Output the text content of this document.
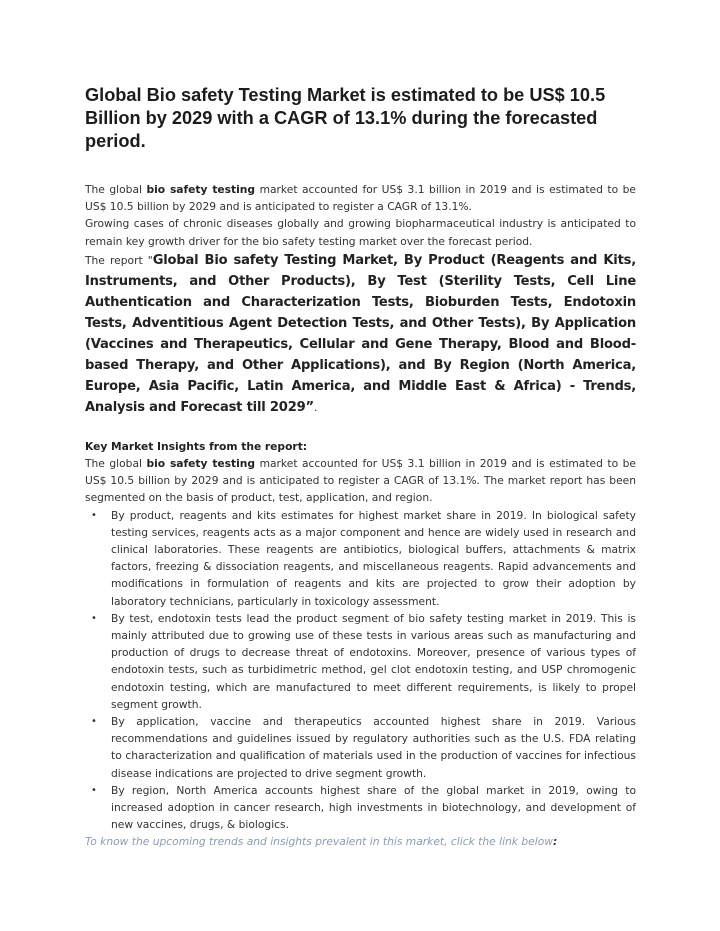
Global Bio safety Testing Market is estimated to be US$ 10.5 Billion by 2029 with a CAGR of 13.1% during the forecasted period.

The global bio safety testing market accounted for US$ 3.1 billion in 2019 and is estimated to be US$ 10.5 billion by 2029 and is anticipated to register a CAGR of 13.1%.

Growing cases of chronic diseases globally and growing biopharmaceutical industry is anticipated to remain key growth driver for the bio safety testing market over the forecast period.

The report "Global Bio safety Testing Market, By Product (Reagents and Kits, Instruments, and Other Products), By Test (Sterility Tests, Cell Line Authentication and Characterization Tests, Bioburden Tests, Endotoxin Tests, Adventitious Agent Detection Tests, and Other Tests), By Application (Vaccines and Therapeutics, Cellular and Gene Therapy, Blood and Blood-based Therapy, and Other Applications), and By Region (North America, Europe, Asia Pacific, Latin America, and Middle East & Africa) - Trends, Analysis and Forecast till 2029”.

Key Market Insights from the report:

The global bio safety testing market accounted for US$ 3.1 billion in 2019 and is estimated to be US$ 10.5 billion by 2029 and is anticipated to register a CAGR of 13.1%. The market report has been segmented on the basis of product, test, application, and region.

• By product, reagents and kits estimates for highest market share in 2019. In biological safety testing services, reagents acts as a major component and hence are widely used in research and clinical laboratories. These reagents are antibiotics, biological buffers, attachments & matrix factors, freezing & dissociation reagents, and miscellaneous reagents. Rapid advancements and modifications in formulation of reagents and kits are projected to grow their adoption by laboratory technicians, particularly in toxicology assessment.
• By test, endotoxin tests lead the product segment of bio safety testing market in 2019. This is mainly attributed due to growing use of these tests in various areas such as manufacturing and production of drugs to decrease threat of endotoxins. Moreover, presence of various types of endotoxin tests, such as turbidimetric method, gel clot endotoxin testing, and USP chromogenic endotoxin testing, which are manufactured to meet different requirements, is likely to propel segment growth.
• By application, vaccine and therapeutics accounted highest share in 2019. Various recommendations and guidelines issued by regulatory authorities such as the U.S. FDA relating to characterization and qualification of materials used in the production of vaccines for infectious disease indications are projected to drive segment growth.
• By region, North America accounts highest share of the global market in 2019, owing to increased adoption in cancer research, high investments in biotechnology, and development of new vaccines, drugs, & biologics.

To know the upcoming trends and insights prevalent in this market, click the link below:
